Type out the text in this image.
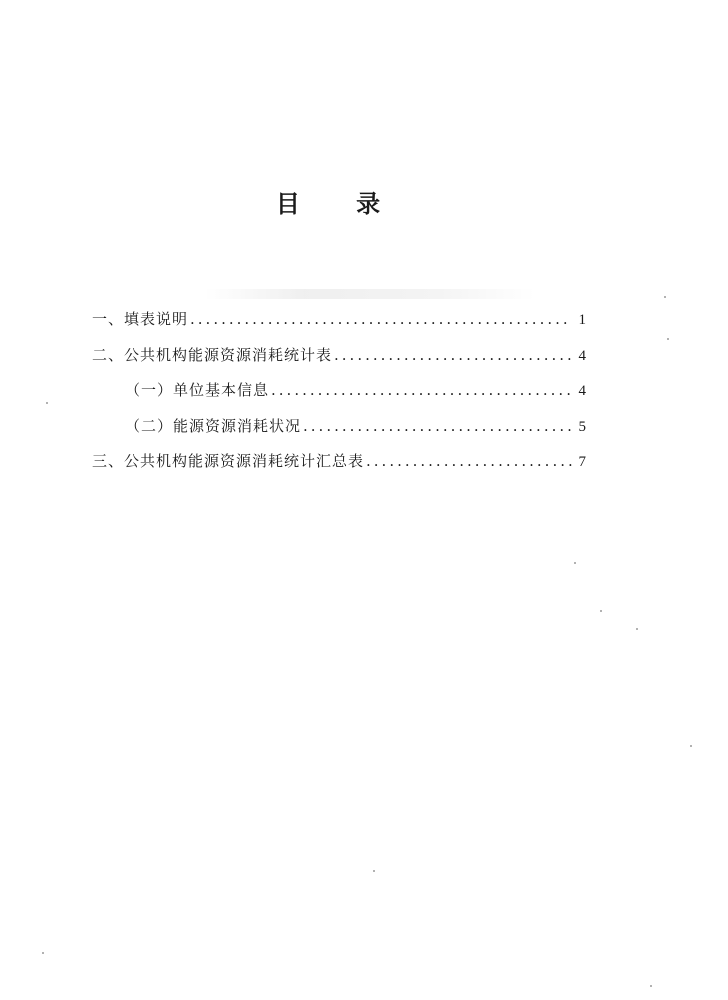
目 录
一、填表说明 .....	1
二、公共机构能源资源消耗统计表 .....	4
（一）单位基本信息 .....	4
（二）能源资源消耗状况 .....	5
三、公共机构能源资源消耗统计汇总表 .....	7
